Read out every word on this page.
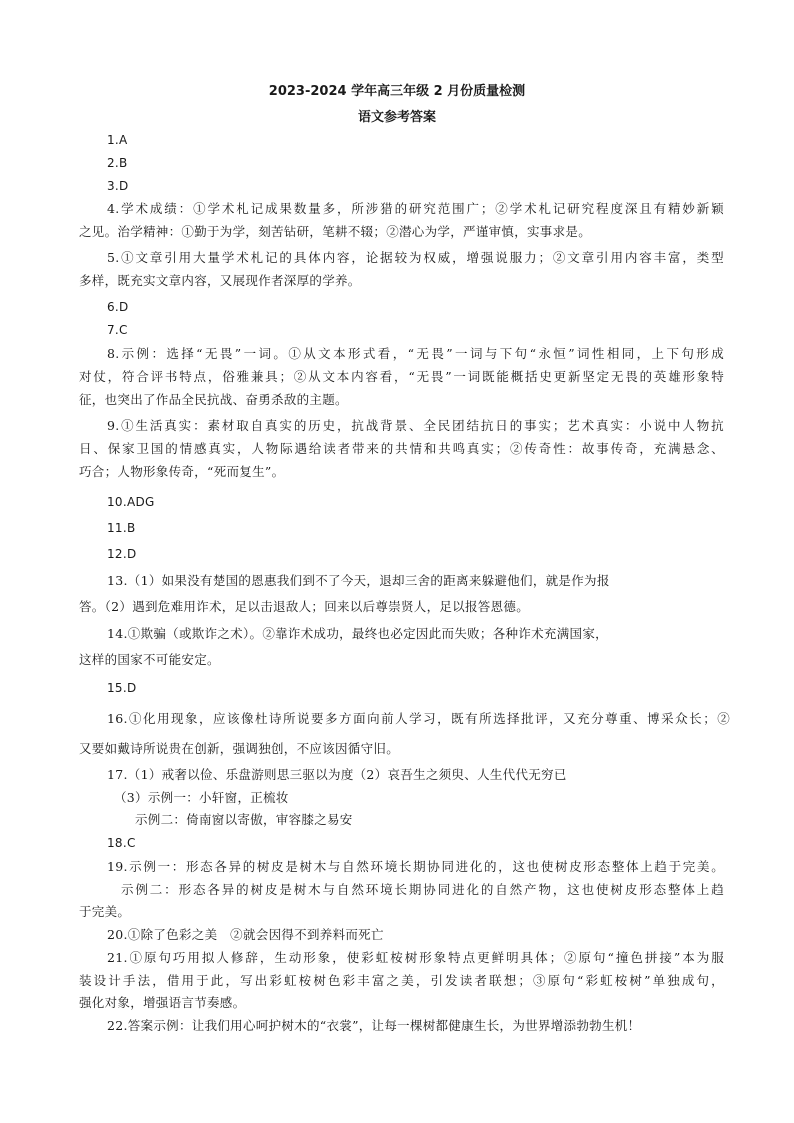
2023-2024 学年高三年级 2 月份质量检测
语文参考答案
1.A
2.B
3.D
4.学术成绩：①学术札记成果数量多，所涉猎的研究范围广；②学术札记研究程度深且有精妙新颖
之见。治学精神：①勤于为学，刻苦钻研，笔耕不辍；②潜心为学，严谨审慎，实事求是。
5.①文章引用大量学术札记的具体内容，论据较为权威，增强说服力；②文章引用内容丰富，类型
多样，既充实文章内容，又展现作者深厚的学养。
6.D
7.C
8.示例：选择“无畏”一词。①从文本形式看，“无畏”一词与下句“永恒”词性相同，上下句形成
对仗，符合评书特点，俗雅兼具；②从文本内容看，“无畏”一词既能概括史更新坚定无畏的英雄形象特
征，也突出了作品全民抗战、奋勇杀敌的主题。
9.①生活真实：素材取自真实的历史，抗战背景、全民团结抗日的事实；艺术真实：小说中人物抗
日、保家卫国的情感真实，人物际遇给读者带来的共情和共鸣真实；②传奇性：故事传奇，充满悬念、
巧合；人物形象传奇，“死而复生”。
10.ADG
11.B
12.D
13.（1）如果没有楚国的恩惠我们到不了今天，退却三舍的距离来躲避他们，就是作为报
答。（2）遇到危难用诈术，足以击退敌人；回来以后尊崇贤人，足以报答恩德。
14.①欺骗（或欺诈之术）。②靠诈术成功，最终也必定因此而失败；各种诈术充满国家，
这样的国家不可能安定。
15.D
16.①化用现象，应该像杜诗所说要多方面向前人学习，既有所选择批评，又充分尊重、博采众长；②
又要如戴诗所说贵在创新，强调独创，不应该因循守旧。
17.（1）戒奢以俭、乐盘游则思三驱以为度（2）哀吾生之须臾、人生代代无穷已
（3）示例一：小轩窗，正梳妆
示例二：倚南窗以寄傲，审容膝之易安
18.C
19.示例一：形态各异的树皮是树木与自然环境长期协同进化的，这也使树皮形态整体上趋于完美。
示例二：形态各异的树皮是树木与自然环境长期协同进化的自然产物，这也使树皮形态整体上趋
于完美。
20.①除了色彩之美　②就会因得不到养料而死亡
21.①原句巧用拟人修辞，生动形象，使彩虹桉树形象特点更鲜明具体；②原句“撞色拼接”本为服
装设计手法，借用于此，写出彩虹桉树色彩丰富之美，引发读者联想；③原句“彩虹桉树”单独成句，
强化对象，增强语言节奏感。
22.答案示例：让我们用心呵护树木的“衣裳”，让每一棵树都健康生长，为世界增添勃勃生机！
